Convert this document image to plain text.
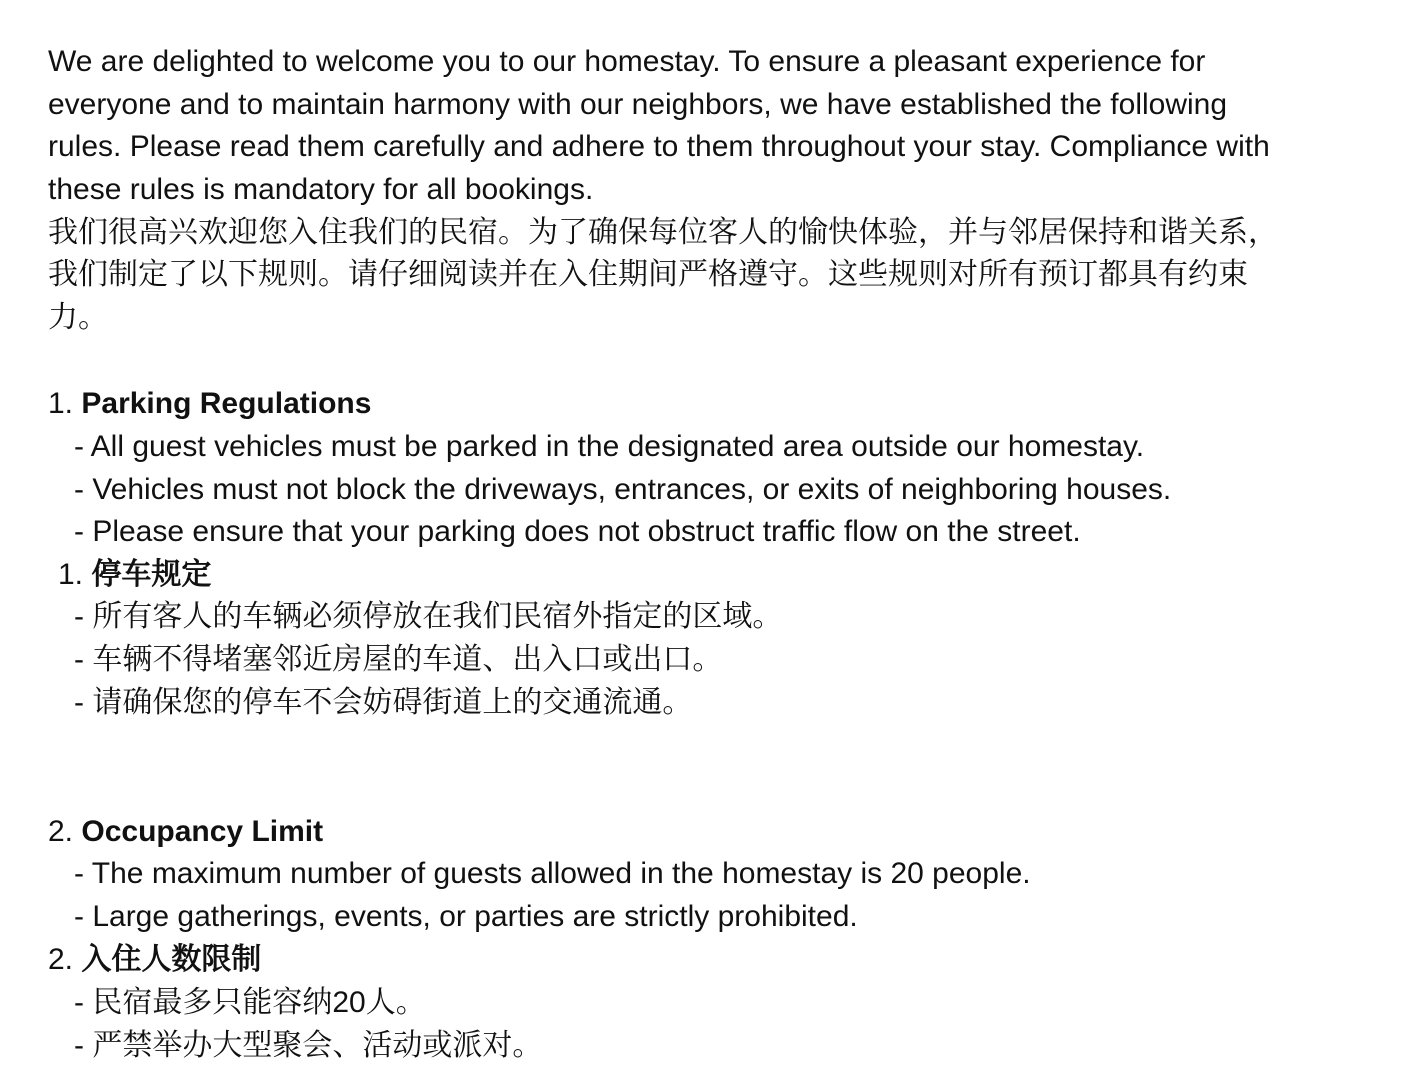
We are delighted to welcome you to our homestay. To ensure a pleasant experience for
everyone and to maintain harmony with our neighbors, we have established the following
rules. Please read them carefully and adhere to them throughout your stay. Compliance with
these rules is mandatory for all bookings.
我们很高兴欢迎您入住我们的民宿。为了确保每位客人的愉快体验，并与邻居保持和谐关系，
我们制定了以下规则。请仔细阅读并在入住期间严格遵守。这些规则对所有预订都具有约束
力。
1. Parking Regulations
- All guest vehicles must be parked in the designated area outside our homestay.
- Vehicles must not block the driveways, entrances, or exits of neighboring houses.
- Please ensure that your parking does not obstruct traffic flow on the street.
1. 停车规定
- 所有客人的车辆必须停放在我们民宿外指定的区域。
- 车辆不得堵塞邻近房屋的车道、出入口或出口。
- 请确保您的停车不会妨碍街道上的交通流通。
2. Occupancy Limit
- The maximum number of guests allowed in the homestay is 20 people.
- Large gatherings, events, or parties are strictly prohibited.
2. 入住人数限制
- 民宿最多只能容纳20人。
- 严禁举办大型聚会、活动或派对。
